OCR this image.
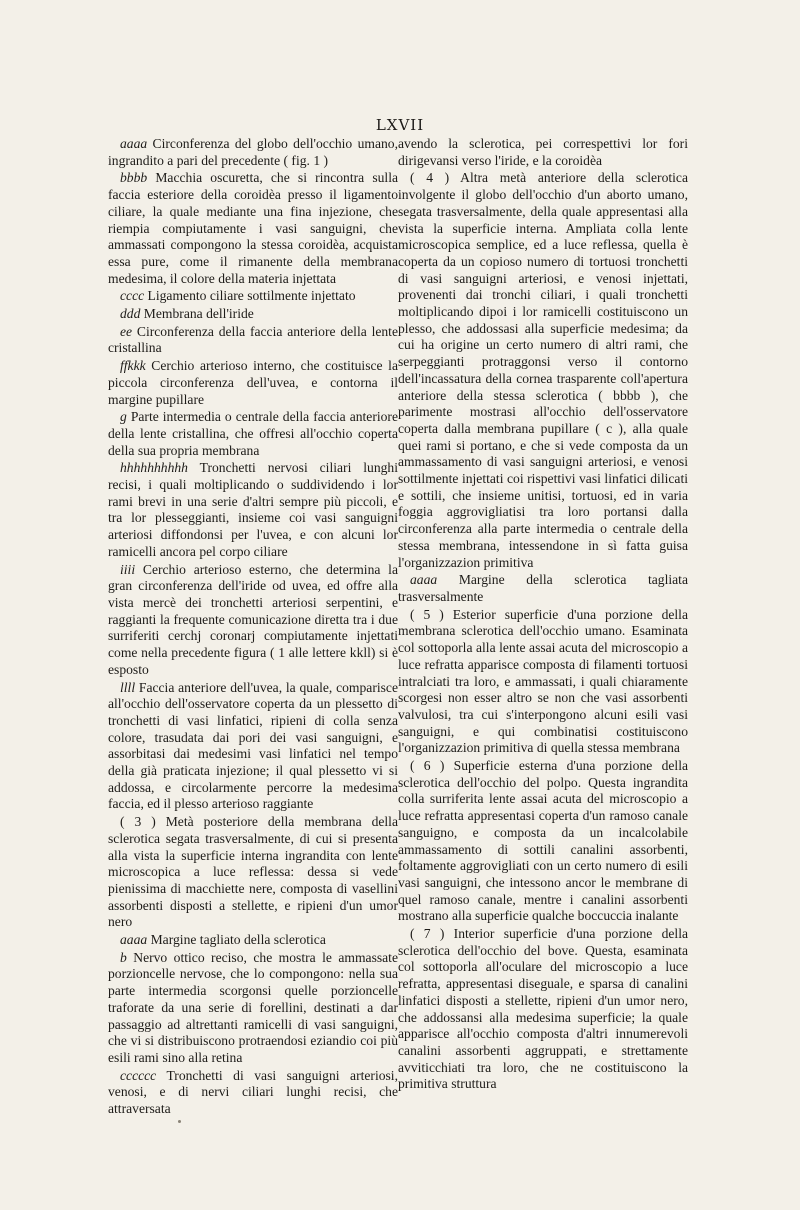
LXVII

aaaa Circonferenza del globo dell'occhio umano, ingrandito a pari del precedente ( fig. 1 )

bbbb Macchia oscuretta, che si rincontra sulla faccia esteriore della coroidèa presso il ligamento ciliare, la quale mediante una fina injezione, che riempia compiutamente i vasi sanguigni, che ammassati compongono la stessa coroidèa, acquista essa pure, come il rimanente della membrana medesima, il colore della materia injettata

cccc Ligamento ciliare sottilmente injettato

ddd Membrana dell'iride

ee Circonferenza della faccia anteriore della lente cristallina

ffkkk Cerchio arterioso interno, che costituisce la piccola circonferenza dell'uvea, e contorna il margine pupillare

g Parte intermedia o centrale della faccia anteriore della lente cristallina, che offresi all'occhio coperta della sua propria membrana

hhhhhhhhhh Tronchetti nervosi ciliari lunghi recisi, i quali moltiplicando o suddividendo i lor rami brevi in una serie d'altri sempre più piccoli, e tra lor plesseggianti, insieme coi vasi sanguigni arteriosi diffondonsi per l'uvea, e con alcuni lor ramicelli ancora pel corpo ciliare

iiii Cerchio arterioso esterno, che determina la gran circonferenza dell'iride od uvea, ed offre alla vista mercè dei tronchetti arteriosi serpentini, e raggianti la frequente comunicazione diretta tra i due surriferiti cerchj coronarj compiutamente injettati come nella precedente figura ( 1 alle lettere kkll) si è esposto

llll Faccia anteriore dell'uvea, la quale, comparisce all'occhio dell'osservatore coperta da un plessetto di tronchetti di vasi linfatici, ripieni di colla senza colore, trasudata dai pori dei vasi sanguigni, e assorbitasi dai medesimi vasi linfatici nel tempo della già praticata injezione; il qual plessetto vi si addossa, e circolarmente percorre la medesima faccia, ed il plesso arterioso raggiante

( 3 ) Metà posteriore della membrana della sclerotica segata trasversalmente, di cui si presenta alla vista la superficie interna ingrandita con lente microscopica a luce reflessa: dessa si vede pienissima di macchiette nere, composta di vasellini assorbenti disposti a stellette, e ripieni d'un umor nero

aaaa Margine tagliato della sclerotica

b Nervo ottico reciso, che mostra le ammassate porzioncelle nervose, che lo compongono: nella sua parte intermedia scorgonsi quelle porzioncelle traforate da una serie di forellini, destinati a dar passaggio ad altrettanti ramicelli di vasi sanguigni, che vi si distribuiscono protraendosi eziandio coi più esili rami sino alla retina

cccccc Tronchetti di vasi sanguigni arteriosi, venosi, e di nervi ciliari lunghi recisi, che attraversata

avendo la sclerotica, pei correspettivi lor fori dirigevansi verso l'iride, e la coroidèa

( 4 ) Altra metà anteriore della sclerotica involgente il globo dell'occhio d'un aborto umano, segata trasversalmente, della quale appresentasi alla vista la superficie interna. Ampliata colla lente microscopica semplice, ed a luce reflessa, quella è coperta da un copioso numero di tortuosi tronchetti di vasi sanguigni arteriosi, e venosi injettati, provenenti dai tronchi ciliari, i quali tronchetti moltiplicando dipoi i lor ramicelli costituiscono un plesso, che addossasi alla superficie medesima; da cui ha origine un certo numero di altri rami, che serpeggianti protraggonsi verso il contorno dell'incassatura della cornea trasparente coll'apertura anteriore della stessa sclerotica ( bbbb ), che parimente mostrasi all'occhio dell'osservatore coperta dalla membrana pupillare ( c ), alla quale quei rami si portano, e che si vede composta da un ammassamento di vasi sanguigni arteriosi, e venosi sottilmente injettati coi rispettivi vasi linfatici dilicati e sottili, che insieme unitisi, tortuosi, ed in varia foggia aggrovigliatisi tra loro portansi dalla circonferenza alla parte intermedia o centrale della stessa membrana, intessendone in sì fatta guisa l'organizzazion primitiva

aaaa Margine della sclerotica tagliata trasversalmente

( 5 ) Esterior superficie d'una porzione della membrana sclerotica dell'occhio umano. Esaminata col sottoporla alla lente assai acuta del microscopio a luce refratta apparisce composta di filamenti tortuosi intralciati tra loro, e ammassati, i quali chiaramente scorgesi non esser altro se non che vasi assorbenti valvulosi, tra cui s'interpongono alcuni esili vasi sanguigni, e qui combinatisi costituiscono l'organizzazion primitiva di quella stessa membrana

( 6 ) Superficie esterna d'una porzione della sclerotica dell'occhio del polpo. Questa ingrandita colla surriferita lente assai acuta del microscopio a luce refratta appresentasi coperta d'un ramoso canale sanguigno, e composta da un incalcolabile ammassamento di sottili canalini assorbenti, foltamente aggrovigliati con un certo numero di esili vasi sanguigni, che intessono ancor le membrane di quel ramoso canale, mentre i canalini assorbenti mostrano alla superficie qualche boccuccia inalante

( 7 ) Interior superficie d'una porzione della sclerotica dell'occhio del bove. Questa, esaminata col sottoporla all'oculare del microscopio a luce refratta, appresentasi diseguale, e sparsa di canalini linfatici disposti a stellette, ripieni d'un umor nero, che addossansi alla medesima superficie; la quale apparisce all'occhio composta d'altri innumerevoli canalini assorbenti aggruppati, e strettamente avviticchiati tra loro, che ne costituiscono la primitiva struttura
